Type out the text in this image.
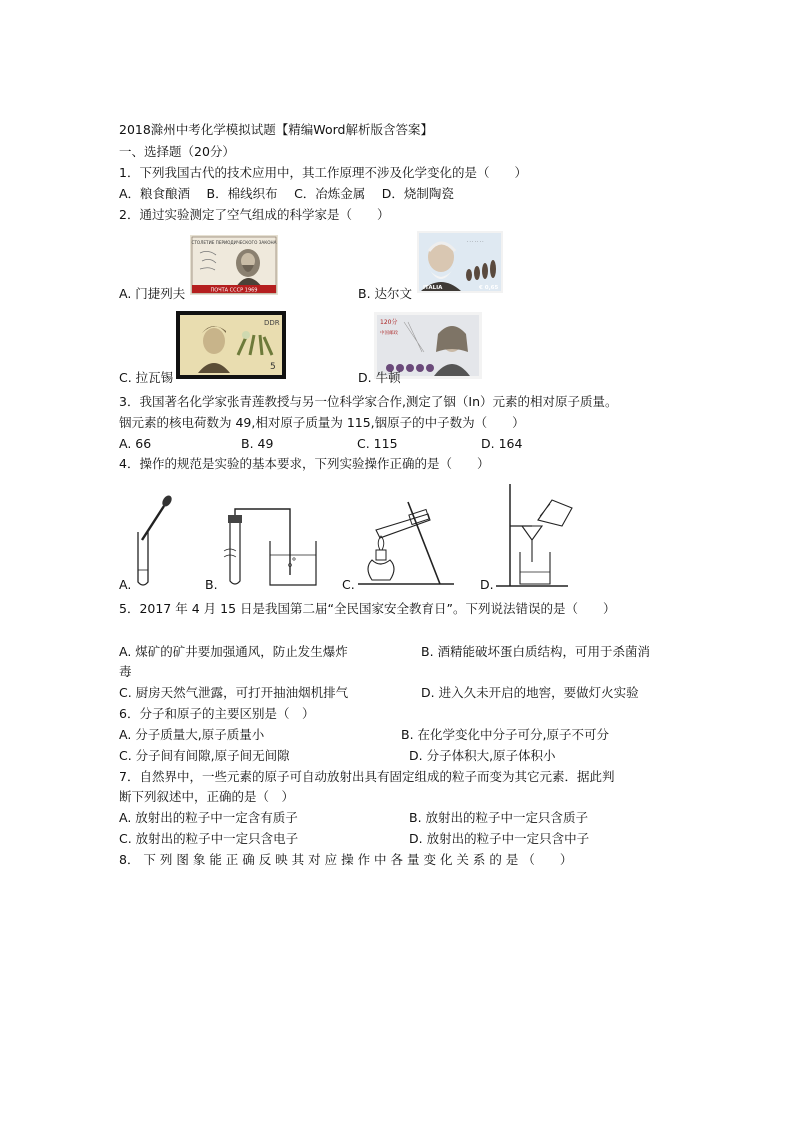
2018滁州中考化学模拟试题【精编Word解析版含答案】
一、选择题（20分）
1．下列我国古代的技术应用中，其工作原理不涉及化学变化的是（　　）
A．粮食酿酒　 B．棉线织布　 C．冶炼金属　 D．烧制陶瓷
2．通过实验测定了空气组成的科学家是（　　）
СТОЛЕТИЕ ПЕРИОДИЧЕСКОГО ЗАКОНА
ПОЧТА СССР 1969
A. 门捷列夫
· · · · · · ·
ITALIA	€ 0,65
B. 达尔文
DDR
5
C. 拉瓦锡
120分
中国邮政
D. 牛顿
3．我国著名化学家张青莲教授与另一位科学家合作,测定了铟（In）元素的相对原子质量。
铟元素的核电荷数为 49,相对原子质量为 115,铟原子的中子数为（　　）
A. 66	B. 49	C. 115	D. 164
4．操作的规范是实验的基本要求，下列实验操作正确的是（　　）
A.	B.	C.	D.
5．2017 年 4 月 15 日是我国第二届“全民国家安全教育日”。下列说法错误的是（　　）
A. 煤矿的矿井要加强通风，防止发生爆炸	B. 酒精能破坏蛋白质结构，可用于杀菌消
毒
C. 厨房天然气泄露，可打开抽油烟机排气	D. 进入久未开启的地窖，要做灯火实验
6．分子和原子的主要区别是（　）
A. 分子质量大,原子质量小	B. 在化学变化中分子可分,原子不可分
C. 分子间有间隙,原子间无间隙	D. 分子体积大,原子体积小
7．自然界中，一些元素的原子可自动放射出具有固定组成的粒子而变为其它元素．据此判
断下列叙述中，正确的是（　）
A. 放射出的粒子中一定含有质子	B. 放射出的粒子中一定只含质子
C. 放射出的粒子中一定只含电子	D. 放射出的粒子中一定只含中子
8． 下 列 图 象 能 正 确 反 映 其 对 应 操 作 中 各 量 变 化 关 系 的 是 （　　）
